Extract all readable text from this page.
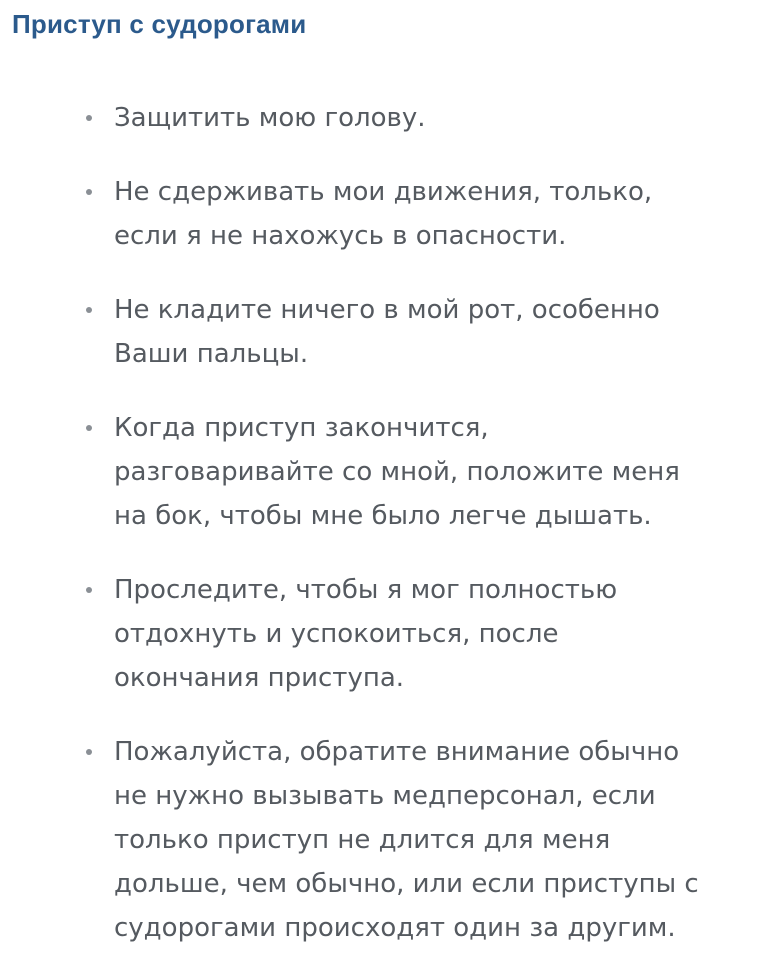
Приступ с судорогами
Защитить мою голову.
Не сдерживать мои движения, только,
если я не нахожусь в опасности.
Не кладите ничего в мой рот, особенно
Ваши пальцы.
Когда приступ закончится,
разговаривайте со мной, положите меня
на бок, чтобы мне было легче дышать.
Проследите, чтобы я мог полностью
отдохнуть и успокоиться, после
окончания приступа.
Пожалуйста, обратите внимание обычно
не нужно вызывать медперсонал, если
только приступ не длится для меня
дольше, чем обычно, или если приступы с
судорогами происходят один за другим.
